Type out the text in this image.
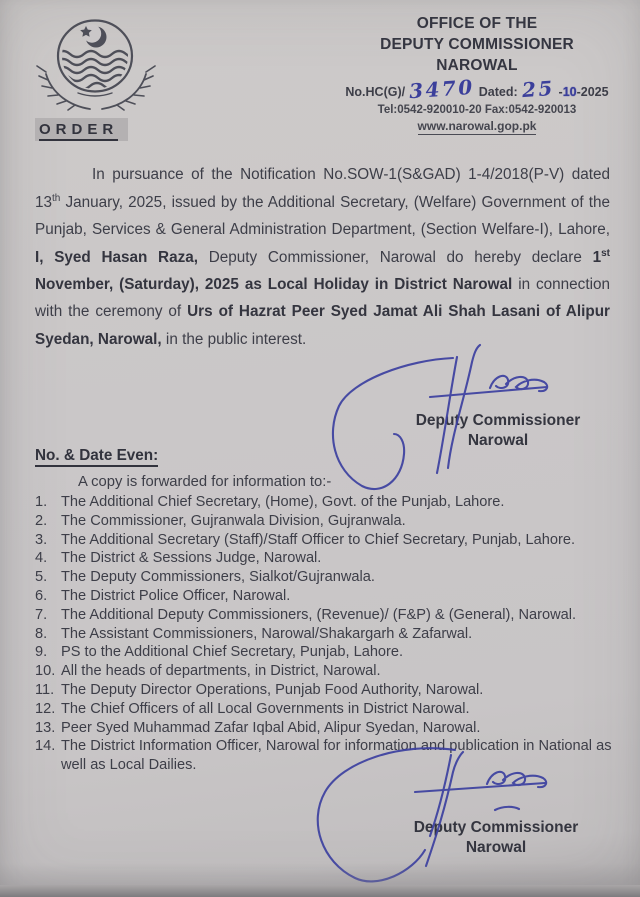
OFFICE OF THE
DEPUTY COMMISSIONER
NAROWAL
No.HC(G)/ 3470 Dated: 25 - 10 - 2025
Tel:0542-920010-20 Fax:0542-920013
www.narowal.gop.pk
ORDER

In pursuance of the Notification No.SOW-1(S&GAD) 1-4/2018(P-V) dated 13th January, 2025, issued by the Additional Secretary, (Welfare) Government of the Punjab, Services & General Administration Department, (Section Welfare-I), Lahore, I, Syed Hasan Raza, Deputy Commissioner, Narowal do hereby declare 1st November, (Saturday), 2025 as Local Holiday in District Narowal in connection with the ceremony of Urs of Hazrat Peer Syed Jamat Ali Shah Lasani of Alipur Syedan, Narowal, in the public interest.

Deputy Commissioner
Narowal
No. & Date Even:
A copy is forwarded for information to:-
1. The Additional Chief Secretary, (Home), Govt. of the Punjab, Lahore.
2. The Commissioner, Gujranwala Division, Gujranwala.
3. The Additional Secretary (Staff)/Staff Officer to Chief Secretary, Punjab, Lahore.
4. The District & Sessions Judge, Narowal.
5. The Deputy Commissioners, Sialkot/Gujranwala.
6. The District Police Officer, Narowal.
7. The Additional Deputy Commissioners, (Revenue)/ (F&P) & (General), Narowal.
8. The Assistant Commissioners, Narowal/Shakargarh & Zafarwal.
9. PS to the Additional Chief Secretary, Punjab, Lahore.
10. All the heads of departments, in District, Narowal.
11. The Deputy Director Operations, Punjab Food Authority, Narowal.
12. The Chief Officers of all Local Governments in District Narowal.
13. Peer Syed Muhammad Zafar Iqbal Abid, Alipur Syedan, Narowal.
14. The District Information Officer, Narowal for information and publication in National as well as Local Dailies.
Deputy Commissioner
Narowal
